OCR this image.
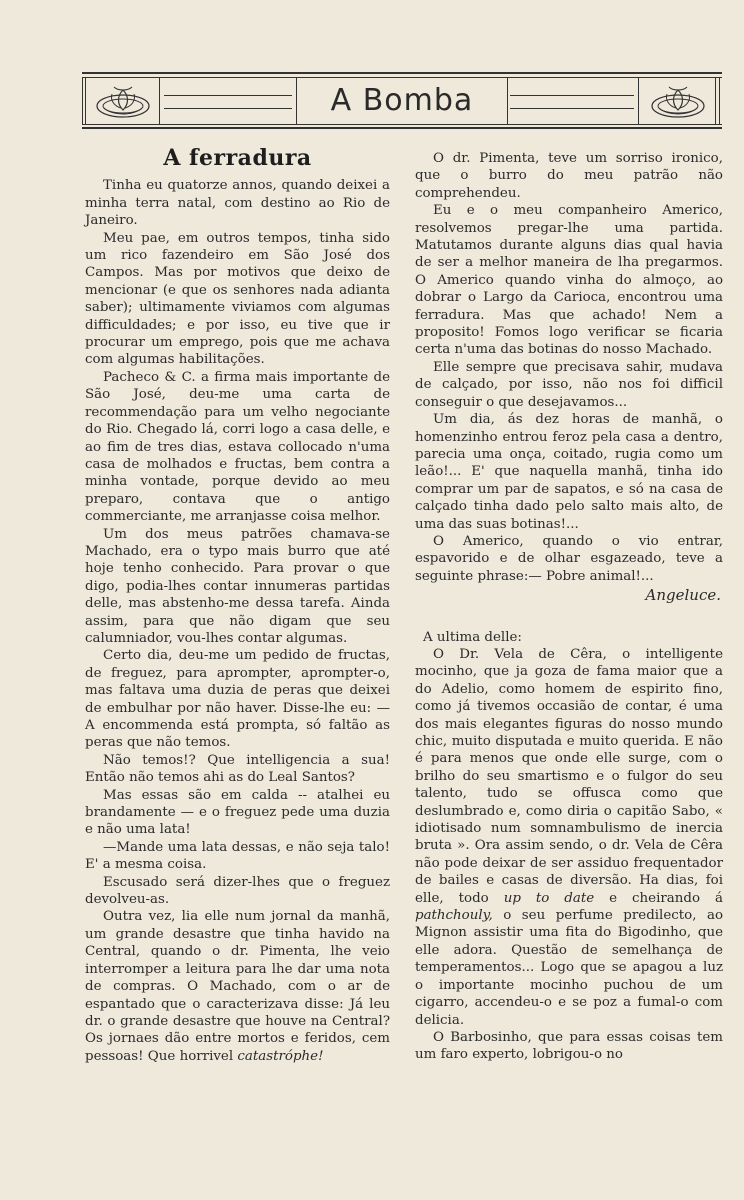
A Bomba
A ferradura

Tinha eu quatorze annos, quando deixei a minha terra natal, com destino ao Rio de Janeiro.

Meu pae, em outros tempos, tinha sido um rico fazendeiro em São José dos Campos. Mas por motivos que deixo de mencionar (e que os senhores nada adianta saber); ultimamente viviamos com algumas difficuldades; e por isso, eu tive que ir procurar um emprego, pois que me achava com algumas habilitações.

Pacheco & C. a firma mais importante de São José, deu-me uma carta de recommendação para um velho negociante do Rio. Chegado lá, corri logo a casa delle, e ao fim de tres dias, estava collocado n'uma casa de molhados e fructas, bem contra a minha vontade, porque devido ao meu preparo, contava que o antigo commerciante, me arranjasse coisa melhor.

Um dos meus patrões chamava-se Machado, era o typo mais burro que até hoje tenho conhecido. Para provar o que digo, podia-lhes contar innumeras partidas delle, mas abstenho-me dessa tarefa. Ainda assim, para que não digam que seu calumniador, vou-lhes contar algumas.

Certo dia, deu-me um pedido de fructas, de freguez, para aprompter, aprompter-o, mas faltava uma duzia de peras que deixei de embulhar por não haver. Disse-lhe eu: —A encommenda está prompta, só faltão as peras que não temos.

Não temos!? Que intelligencia a sua! Então não temos ahi as do Leal Santos?

Mas essas são em calda -- atalhei eu brandamente — e o freguez pede uma duzia e não uma lata!

—Mande uma lata dessas, e não seja talo! E' a mesma coisa.

Escusado será dizer-lhes que o freguez devolveu-as.

Outra vez, lia elle num jornal da manhã, um grande desastre que tinha havido na Central, quando o dr. Pimenta, lhe veio interromper a leitura para lhe dar uma nota de compras. O Machado, com o ar de espantado que o caracterizava disse: Já leu dr. o grande desastre que houve na Central? Os jornaes dão entre mortos e feridos, cem pessoas! Que horrivel catastróphe!

O dr. Pimenta, teve um sorriso ironico, que o burro do meu patrão não comprehendeu.

Eu e o meu companheiro Americo, resolvemos pregar-lhe uma partida. Matutamos durante alguns dias qual havia de ser a melhor maneira de lha pregarmos. O Americo quando vinha do almoço, ao dobrar o Largo da Carioca, encontrou uma ferradura. Mas que achado! Nem a proposito! Fomos logo verificar se ficaria certa n'uma das botinas do nosso Machado.

Elle sempre que precisava sahir, mudava de calçado, por isso, não nos foi difficil conseguir o que desejavamos...

Um dia, ás dez horas de manhã, o homenzinho entrou feroz pela casa a dentro, parecia uma onça, coitado, rugia como um leão!... E' que naquella manhã, tinha ido comprar um par de sapatos, e só na casa de calçado tinha dado pelo salto mais alto, de uma das suas botinas!...

O Americo, quando o vio entrar, espavorido e de olhar esgazeado, teve a seguinte phrase:— Pobre animal!...

Angeluce.

A ultima delle:

O Dr. Vela de Cêra, o intelligente mocinho, que ja goza de fama maior que a do Adelio, como homem de espirito fino, como já tivemos occasião de contar, é uma dos mais elegantes figuras do nosso mundo chic, muito disputada e muito querida. E não é para menos que onde elle surge, com o brilho do seu smartismo e o fulgor do seu talento, tudo se offusca como que deslumbrado e, como diria o capitão Sabo, « idiotisado num somnambulismo de inercia bruta ». Ora assim sendo, o dr. Vela de Cêra não pode deixar de ser assiduo frequentador de bailes e casas de diversão. Ha dias, foi elle, todo up to date e cheirando á pathchouly, o seu perfume predilecto, ao Mignon assistir uma fita do Bigodinho, que elle adora. Questão de semelhança de temperamentos... Logo que se apagou a luz o importante mocinho puchou de um cigarro, accendeu-o e se poz a fumal-o com delicia.

O Barbosinho, que para essas coisas tem um faro experto, lobrigou-o no
